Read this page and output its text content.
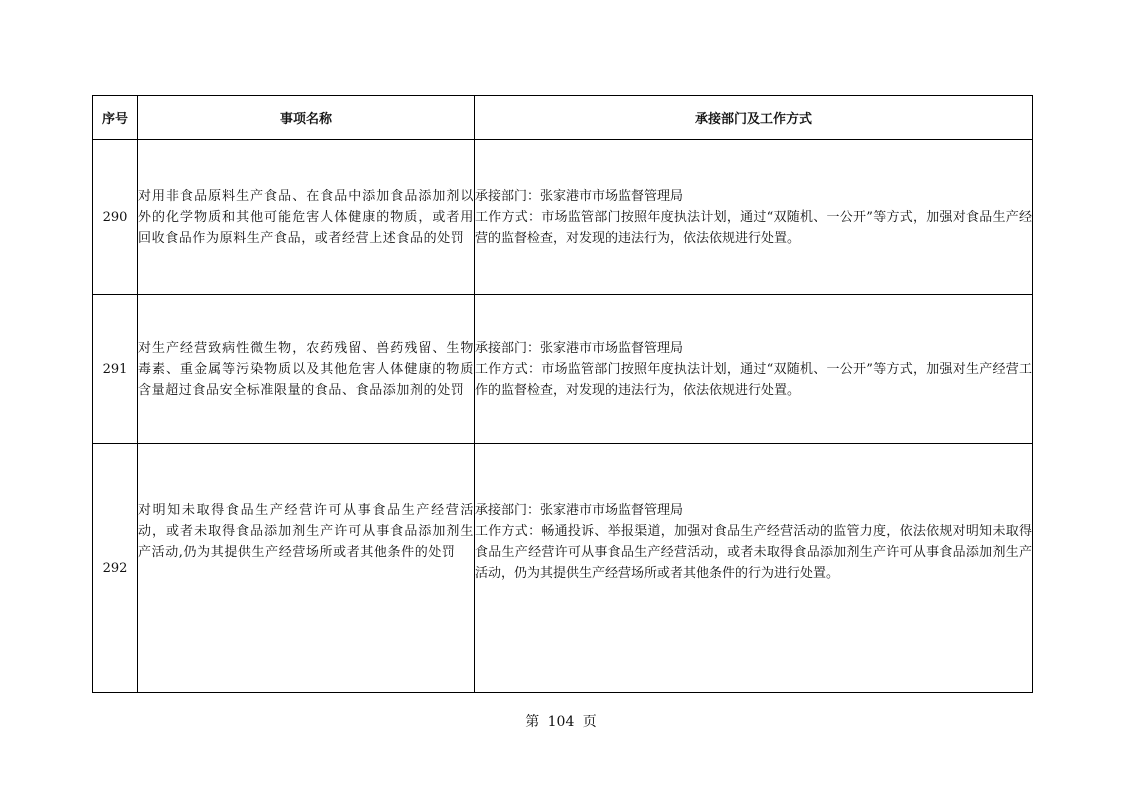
序号	事项名称	承接部门及工作方式
290	对用非食品原料生产食品、在食品中添加食品添加剂以外的化学物质和其他可能危害人体健康的物质，或者用回收食品作为原料生产食品，或者经营上述食品的处罚	承接部门：张家港市市场监督管理局
工作方式：市场监管部门按照年度执法计划，通过“双随机、一公开”等方式，加强对食品生产经营的监督检查，对发现的违法行为，依法依规进行处置。

291	对生产经营致病性微生物，农药残留、兽药残留、生物毒素、重金属等污染物质以及其他危害人体健康的物质含量超过食品安全标准限量的食品、食品添加剂的处罚	承接部门：张家港市市场监督管理局
工作方式：市场监管部门按照年度执法计划，通过“双随机、一公开”等方式，加强对生产经营工作的监督检查，对发现的违法行为，依法依规进行处置。

292	对明知未取得食品生产经营许可从事食品生产经营活动，或者未取得食品添加剂生产许可从事食品添加剂生产活动,仍为其提供生产经营场所或者其他条件的处罚	承接部门：张家港市市场监督管理局
工作方式：畅通投诉、举报渠道，加强对食品生产经营活动的监管力度，依法依规对明知未取得食品生产经营许可从事食品生产经营活动，或者未取得食品添加剂生产许可从事食品添加剂生产活动，仍为其提供生产经营场所或者其他条件的行为进行处置。
第 104 页
